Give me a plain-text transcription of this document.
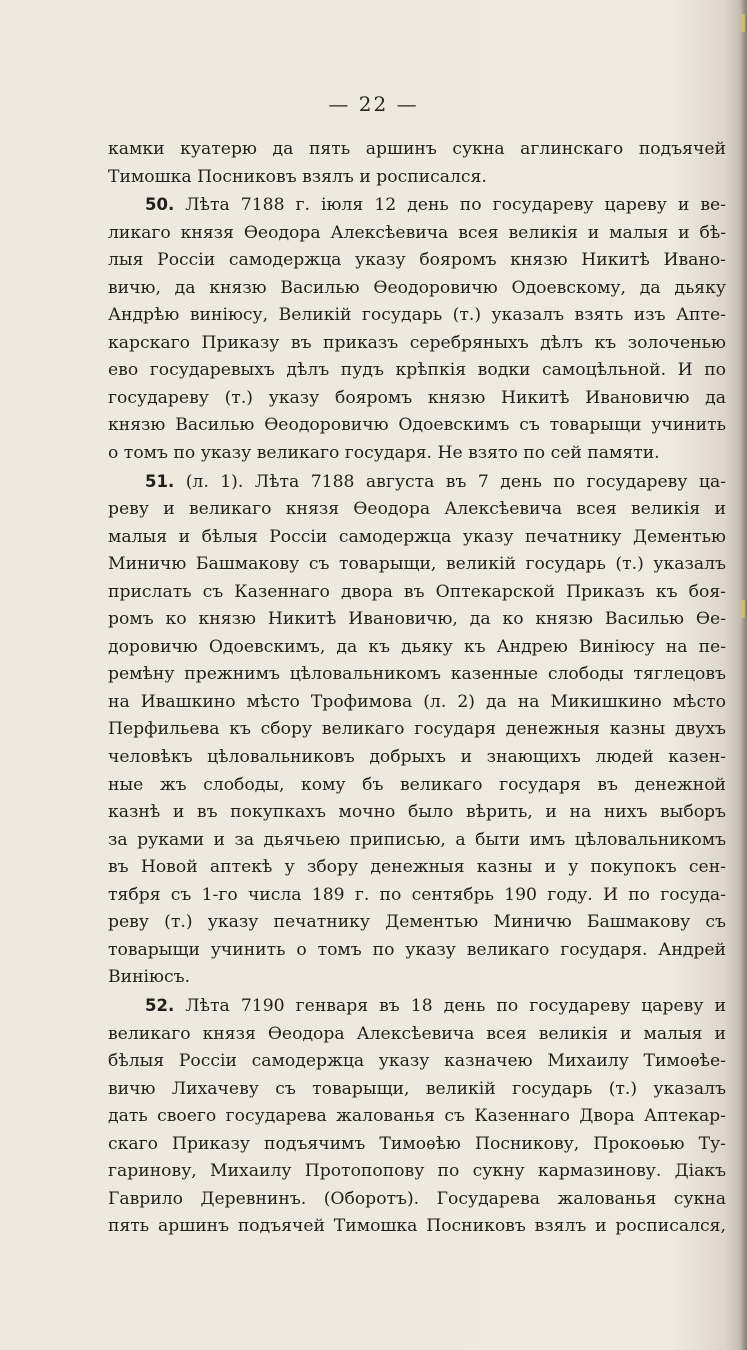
— 22 —
камки куатерю да пять аршинъ сукна аглинскаго подъячей
Тимошка Посниковъ взялъ и росписался.
50. Лѣта 7188 г. іюля 12 день по государеву цареву и ве-
ликаго князя Ѳеодора Алексѣевича всея великія и малыя и бѣ-
лыя Россіи самодержца указу бояромъ князю Никитѣ Ивано-
вичю, да князю Василью Ѳеодоровичю Одоевскому, да дьяку
Андрѣю виніюсу, Великій государь (т.) указалъ взять изъ Апте-
карскаго Приказу въ приказъ серебряныхъ дѣлъ къ золоченью
ево государевыхъ дѣлъ пудъ крѣпкія водки самоцѣльной. И по
государеву (т.) указу бояромъ князю Никитѣ Ивановичю да
князю Василью Ѳеодоровичю Одоевскимъ съ товарыщи учинить
о томъ по указу великаго государя. Не взято по сей памяти.
51. (л. 1). Лѣта 7188 августа въ 7 день по государеву ца-
реву и великаго князя Ѳеодора Алексѣевича всея великія и
малыя и бѣлыя Россіи самодержца указу печатнику Дементью
Миничю Башмакову съ товарыщи, великій государь (т.) указалъ
прислать съ Казеннаго двора въ Оптекарской Приказъ къ боя-
ромъ ко князю Никитѣ Ивановичю, да ко князю Василью Ѳе-
доровичю Одоевскимъ, да къ дьяку къ Андрею Виніюсу на пе-
ремѣну прежнимъ цѣловальникомъ казенные слободы тяглецовъ
на Ивашкино мѣсто Трофимова (л. 2) да на Микишкино мѣсто
Перфильева къ сбору великаго государя денежныя казны двухъ
человѣкъ цѣловальниковъ добрыхъ и знающихъ людей казен-
ные жъ слободы, кому бъ великаго государя въ денежной
казнѣ и въ покупкахъ мочно было вѣрить, и на нихъ выборъ
за руками и за дьячьею приписью, а быти имъ цѣловальникомъ
въ Новой аптекѣ у збору денежныя казны и у покупокъ сен-
тября съ 1-го числа 189 г. по сентябрь 190 году. И по госуда-
реву (т.) указу печатнику Дементью Миничю Башмакову съ
товарыщи учинить о томъ по указу великаго государя. Андрей
Виніюсъ.
52. Лѣта 7190 генваря въ 18 день по государеву цареву и
великаго князя Ѳеодора Алексѣевича всея великія и малыя и
бѣлыя Россіи самодержца указу казначею Михаилу Тимоѳѣе-
вичю Лихачеву съ товарыщи, великій государь (т.) указалъ
дать своего государева жалованья съ Казеннаго Двора Аптекар-
скаго Приказу подъячимъ Тимоѳѣю Посникову, Прокоѳью Ту-
гаринову, Михаилу Протопопову по сукну кармазинову. Діакъ
Гаврило Деревнинъ. (Оборотъ). Государева жалованья сукна
пять аршинъ подъячей Тимошка Посниковъ взялъ и росписался,
